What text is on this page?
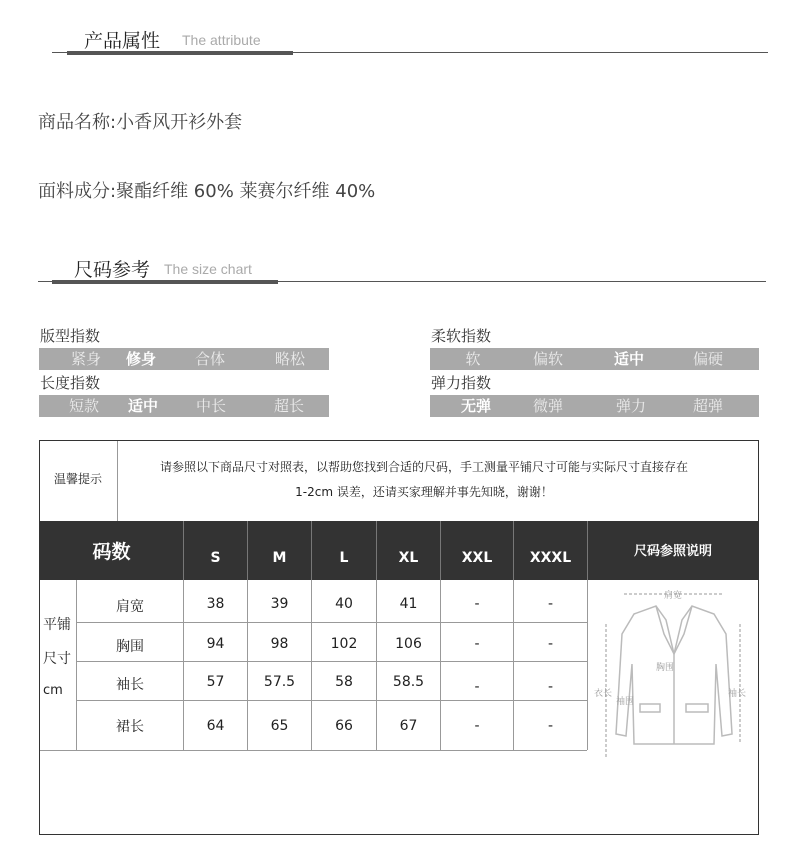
产品属性 The attribute
商品名称:小香风开衫外套
面料成分:聚酯纤维 60% 莱赛尔纤维 40%
尺码参考 The size chart
版型指数
紧身	修身	合体	略松
柔软指数
软	偏软	适中	偏硬
长度指数
短款	适中	中长	超长
弹力指数
无弹	微弹	弹力	超弹
温馨提示
请参照以下商品尺寸对照表，以帮助您找到合适的尺码，手工测量平铺尺寸可能与实际尺寸直接存在
1-2cm 误差，还请买家理解并事先知晓，谢谢！
码数	S	M	L	XL	XXL	XXXL	尺码参照说明
平铺
尺寸
cm
肩宽	38	39	40	41	-	-
胸围	94	98	102	106	-	-
袖长	57	57.5	58	58.5	-	-
裙长	64	65	66	67	-	-
肩宽
胸围
衣长	袖长
袖围
